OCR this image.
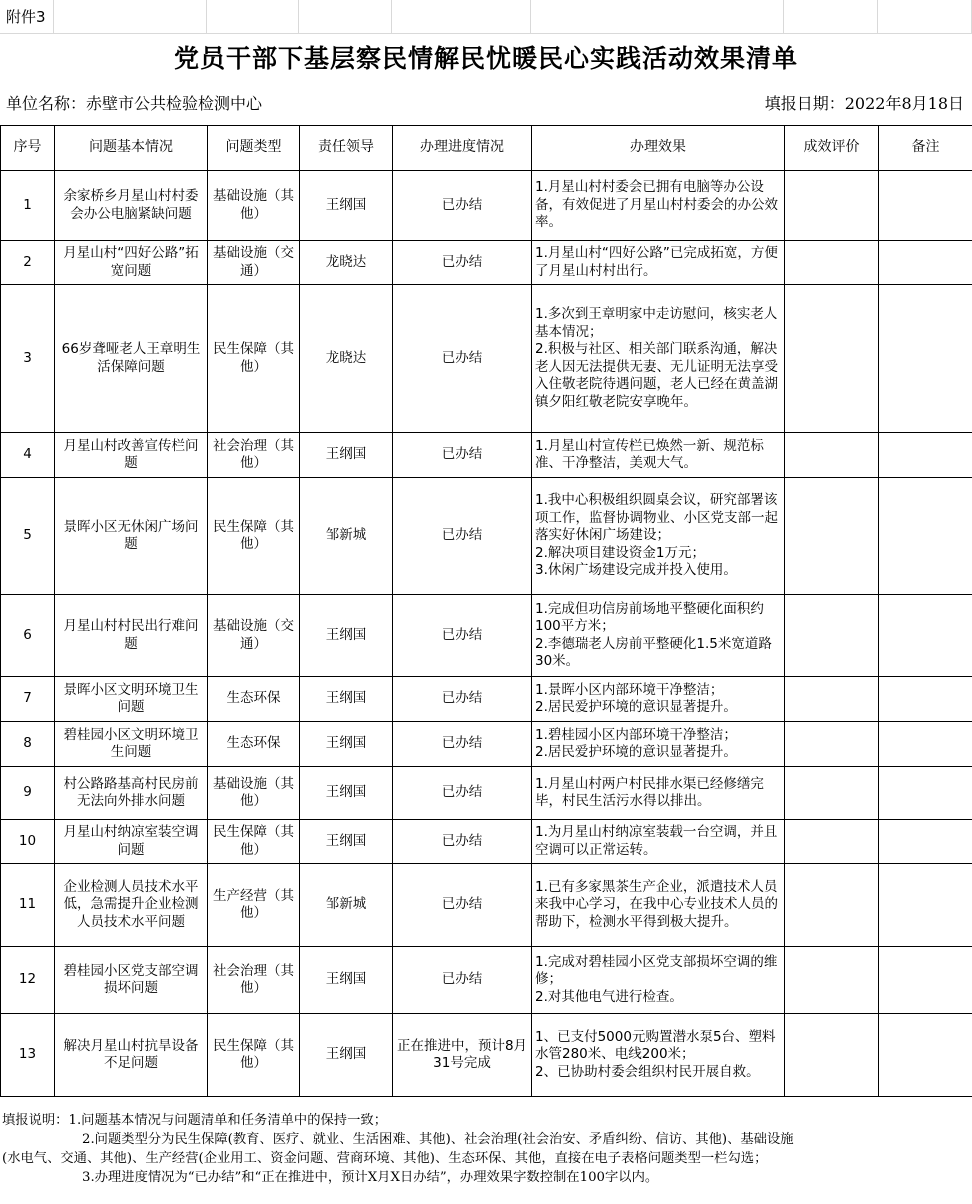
附件3
党员干部下基层察民情解民忧暖民心实践活动效果清单
单位名称：赤壁市公共检验检测中心	填报日期：2022年8月18日
序号	问题基本情况	问题类型	责任领导	办理进度情况	办理效果	成效评价	备注
1	余家桥乡月星山村村委会办公电脑紧缺问题	基础设施（其他）	王纲国	已办结	1.月星山村村委会已拥有电脑等办公设备，有效促进了月星山村村委会的办公效率。		
2	月星山村“四好公路”拓宽问题	基础设施（交通）	龙晓达	已办结	1.月星山村“四好公路”已完成拓宽，方便了月星山村村出行。		
3	66岁聋哑老人王章明生活保障问题	民生保障（其他）	龙晓达	已办结	1.多次到王章明家中走访慰问，核实老人基本情况；
2.积极与社区、相关部门联系沟通，解决老人因无法提供无妻、无儿证明无法享受入住敬老院待遇问题，老人已经在黄盖湖镇夕阳红敬老院安享晚年。		
4	月星山村改善宣传栏问题	社会治理（其他）	王纲国	已办结	1.月星山村宣传栏已焕然一新、规范标准、干净整洁，美观大气。		
5	景晖小区无休闲广场问题	民生保障（其他）	邹新城	已办结	1.我中心积极组织圆桌会议，研究部署该项工作，监督协调物业、小区党支部一起落实好休闲广场建设；
2.解决项目建设资金1万元；
3.休闲广场建设完成并投入使用。		
6	月星山村村民出行难问题	基础设施（交通）	王纲国	已办结	1.完成但功信房前场地平整硬化面积约100平方米；
2.李德瑞老人房前平整硬化1.5米宽道路30米。		
7	景晖小区文明环境卫生问题	生态环保	王纲国	已办结	1.景晖小区内部环境干净整洁；
2.居民爱护环境的意识显著提升。		
8	碧桂园小区文明环境卫生问题	生态环保	王纲国	已办结	1.碧桂园小区内部环境干净整洁；
2.居民爱护环境的意识显著提升。		
9	村公路路基高村民房前无法向外排水问题	基础设施（其他）	王纲国	已办结	1.月星山村两户村民排水渠已经修缮完毕，村民生活污水得以排出。		
10	月星山村纳凉室装空调问题	民生保障（其他）	王纲国	已办结	1.为月星山村纳凉室装载一台空调，并且空调可以正常运转。		
11	企业检测人员技术水平低，急需提升企业检测人员技术水平问题	生产经营（其他）	邹新城	已办结	1.已有多家黑茶生产企业，派遣技术人员来我中心学习，在我中心专业技术人员的帮助下，检测水平得到极大提升。		
12	碧桂园小区党支部空调损坏问题	社会治理（其他）	王纲国	已办结	1.完成对碧桂园小区党支部损坏空调的维修；
2.对其他电气进行检查。		
13	解决月星山村抗旱设备不足问题	民生保障（其他）	王纲国	正在推进中，预计8月31号完成	1、已支付5000元购置潜水泵5台、塑料水管280米、电线200米；
2、已协助村委会组织村民开展自救。		
填报说明：1.问题基本情况与问题清单和任务清单中的保持一致；
2.问题类型分为民生保障(教育、医疗、就业、生活困难、其他)、社会治理(社会治安、矛盾纠纷、信访、其他)、基础设施
(水电气、交通、其他)、生产经营(企业用工、资金问题、营商环境、其他)、生态环保、其他，直接在电子表格问题类型一栏勾选；
3.办理进度情况为“已办结”和“正在推进中，预计X月X日办结”，办理效果字数控制在100字以内。
